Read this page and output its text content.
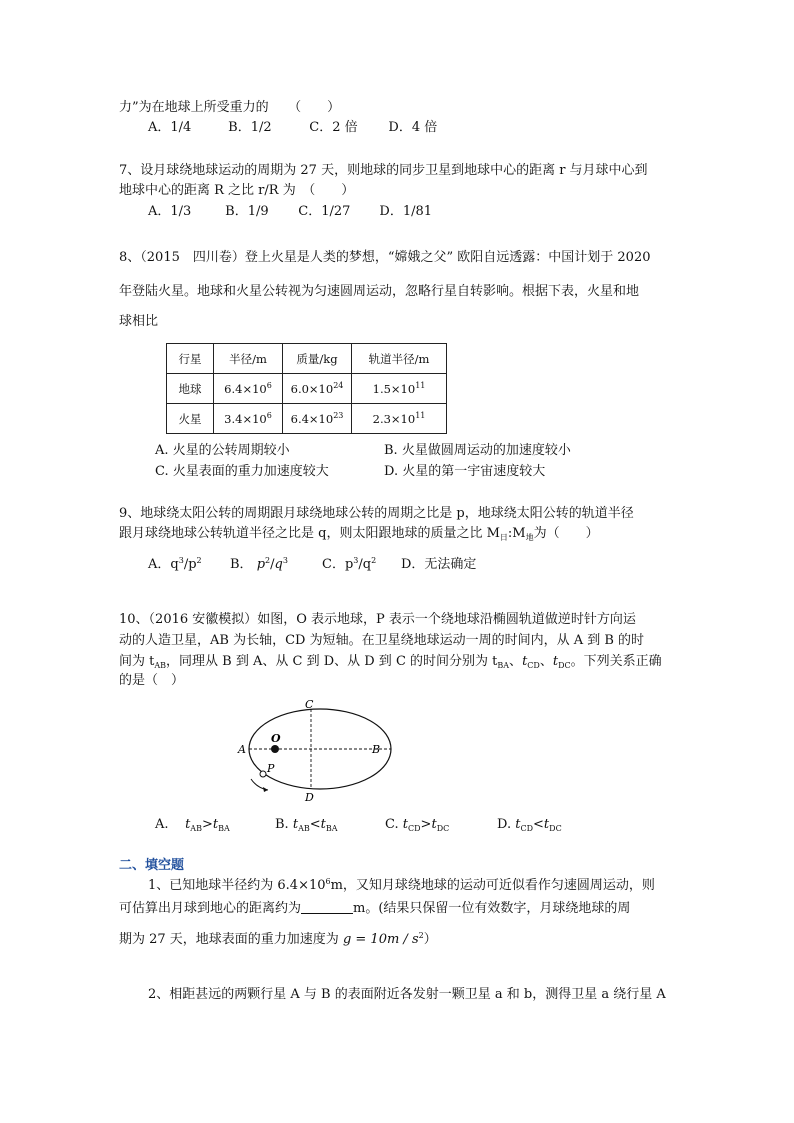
力”为在地球上所受重力的　　（　　）
A．1/4	B．1/2	C．2 倍 D．4 倍
7、设月球绕地球运动的周期为 27 天，则地球的同步卫星到地球中心的距离 r 与月球中心到
地球中心的距离 R 之比 r/R 为　（　　）
A．1/3	B．1/9 C．1/27 D．1/81
8、（2015　四川卷）登上火星是人类的梦想，“嫦娥之父” 欧阳自远透露：中国计划于 2020
年登陆火星。地球和火星公转视为匀速圆周运动，忽略行星自转影响。根据下表，火星和地
球相比
行星	半径/m	质量/kg	轨道半径/m
地球	$6.4\times 10^6$	$6.0\times 10^{24}$	$1.5\times 10^{11}$
火星	$3.4\times 10^6$	$6.4\times 10^{23}$	$2.3\times 10^{11}$
A. 火星的公转周期较小	B. 火星做圆周运动的加速度较小
C. 火星表面的重力加速度较大	D. 火星的第一宇宙速度较大
9、地球绕太阳公转的周期跟月球绕地球公转的周期之比是 p，地球绕太阳公转的轨道半径
跟月球绕地球公转轨道半径之比是 q，则太阳跟地球的质量之比 $M_日:M_地$为（　　）
A．$q^3/p^2$ B． $p^2/q^3$	C．$p^3/q^2$ D．无法确定
10、（2016 安徽模拟）如图，O 表示地球，P 表示一个绕地球沿椭圆轨道做逆时针方向运
动的人造卫星，AB 为长轴，CD 为短轴。在卫星绕地球运动一周的时间内，从 A 到 B 的时
间为 $t_{AB}$，同理从 B 到 A、从 C 到 D、从 D 到 C 的时间分别为 $t_{BA}$、$t_{CD}$、$t_{DC}$。下列关系正确
的是（　）
C
D
A	B
O
P
A. $t_{AB}>t_{BA}$	B. $t_{AB}<t_{BA}$	C. $t_{CD}>t_{DC}$	D. $t_{CD}<t_{DC}$
二、填空题
1、已知地球半径约为 $6.4\times 10^6m$，又知月球绕地球的运动可近似看作匀速圆周运动，则
可估算出月球到地心的距离约为	m。(结果只保留一位有效数字，月球绕地球的周
期为 27 天，地球表面的重力加速度为 $g = 10m / s^2$）
2、相距甚远的两颗行星 A 与 B 的表面附近各发射一颗卫星 a 和 b，测得卫星 a 绕行星 A
